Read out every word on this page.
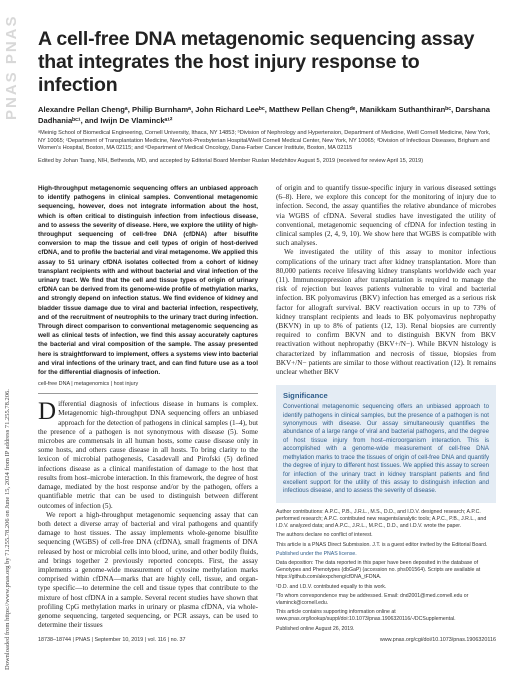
PNAS PNAS
Downloaded from https://www.pnas.org by 71.255.78.206 on June 15, 2024 from IP address 71.255.78.206.
A cell-free DNA metagenomic sequencing assay that integrates the host injury response to infection
Alexandre Pellan Chengᵃ, Philip Burnhamᵃ, John Richard Leeᵇᶜ, Matthew Pellan Chengᵈᵉ, Manikkam Suthanthiranᵇᶜ, Darshana Dadhaniaᵇᶜ¹, and Iwijn De Vlaminckᵃ¹²
ᵃMeinig School of Biomedical Engineering, Cornell University, Ithaca, NY 14853; ᵇDivision of Nephrology and Hypertension, Department of Medicine, Weill Cornell Medicine, New York, NY 10065; ᶜDepartment of Transplantation Medicine, NewYork-Presbyterian Hospital/Weill Cornell Medical Center, New York, NY 10065; ᵈDivision of Infectious Diseases, Brigham and Women's Hospital, Boston, MA 02115; and ᵉDepartment of Medical Oncology, Dana-Farber Cancer Institute, Boston, MA 02115
Edited by Johan Tsang, NIH, Bethesda, MD, and accepted by Editorial Board Member Ruslan Medzhitov August 5, 2019 (received for review April 15, 2019)
High-throughput metagenomic sequencing offers an unbiased approach to identify pathogens in clinical samples. Conventional metagenomic sequencing, however, does not integrate information about the host, which is often critical to distinguish infection from infectious disease, and to assess the severity of disease. Here, we explore the utility of high-throughput sequencing of cell-free DNA (cfDNA) after bisulfite conversion to map the tissue and cell types of origin of host-derived cfDNA, and to profile the bacterial and viral metagenome. We applied this assay to 51 urinary cfDNA isolates collected from a cohort of kidney transplant recipients with and without bacterial and viral infection of the urinary tract. We find that the cell and tissue types of origin of urinary cfDNA can be derived from its genome-wide profile of methylation marks, and strongly depend on infection status. We find evidence of kidney and bladder tissue damage due to viral and bacterial infection, respectively, and of the recruitment of neutrophils to the urinary tract during infection. Through direct comparison to conventional metagenomic sequencing as well as clinical tests of infection, we find this assay accurately captures the bacterial and viral composition of the sample. The assay presented here is straightforward to implement, offers a systems view into bacterial and viral infections of the urinary tract, and can find future use as a tool for the differential diagnosis of infection.
cell-free DNA | metagenomics | host injury

Differential diagnosis of infectious disease in humans is complex. Metagenomic high-throughput DNA sequencing offers an unbiased approach for the detection of pathogens in clinical samples (1–4), but the presence of a pathogen is not synonymous with disease (5). Some microbes are commensals in all human hosts, some cause disease only in some hosts, and others cause disease in all hosts. To bring clarity to the lexicon of microbial pathogenesis, Casadevall and Pirofski (5) defined infections disease as a clinical manifestation of damage to the host that results from host–microbe interaction. In this framework, the degree of host damage, mediated by the host response and/or by the pathogen, offers a quantifiable metric that can be used to distinguish between different outcomes of infection (5).

We report a high-throughput metagenomic sequencing assay that can both detect a diverse array of bacterial and viral pathogens and quantify damage to host tissues. The assay implements whole-genome bisulfite sequencing (WGBS) of cell-free DNA (cfDNA), small fragments of DNA released by host or microbial cells into blood, urine, and other bodily fluids, and brings together 2 previously reported concepts. First, the assay implements a genome-wide measurement of cytosine methylation marks comprised within cfDNA—marks that are highly cell, tissue, and organ-type specific—to determine the cell and tissue types that contribute to the mixture of host cfDNA in a sample. Several recent studies have shown that profiling CpG methylation marks in urinary or plasma cfDNA, via whole-genome sequencing, targeted sequencing, or PCR assays, can be used to determine their tissues

of origin and to quantify tissue-specific injury in various diseased settings (6–8). Here, we explore this concept for the monitoring of injury due to infection. Second, the assay quantifies the relative abundance of microbes via WGBS of cfDNA. Several studies have investigated the utility of conventional, metagenomic sequencing of cfDNA for infection testing in clinical samples (2, 4, 9, 10). We show here that WGBS is compatible with such analyses.

We investigated the utility of this assay to monitor infectious complications of the urinary tract after kidney transplantation. More than 80,000 patients receive lifesaving kidney transplants worldwide each year (11). Immunosuppression after transplantation is required to manage the risk of rejection but leaves patients vulnerable to viral and bacterial infection. BK polyomavirus (BKV) infection has emerged as a serious risk factor for allograft survival. BKV reactivation occurs in up to 73% of kidney transplant recipients and leads to BK polyomavirus nephropathy (BKVN) in up to 8% of patients (12, 13). Renal biopsies are currently required to confirm BKVN and to distinguish BKVN from BKV reactivation without nephropathy (BKV+/N−). While BKVN histology is characterized by inflammation and necrosis of tissue, biopsies from BKV+/N− patients are similar to those without reactivation (12). It remains unclear whether BKV

Significance
Conventional metagenomic sequencing offers an unbiased approach to identify pathogens in clinical samples, but the presence of a pathogen is not synonymous with disease. Our assay simultaneously quantifies the abundance of a large range of viral and bacterial pathogens, and the degree of host tissue injury from host–microorganism interaction. This is accomplished with a genome-wide measurement of cell-free DNA methylation marks to trace the tissues of origin of cell-free DNA and quantify the degree of injury to different host tissues. We applied this assay to screen for infection of the urinary tract in kidney transplant patients and find excellent support for the utility of this assay to distinguish infection and infectious disease, and to assess the severity of disease.

Author contributions: A.P.C., P.B., J.R.L., M.S., D.D., and I.D.V. designed research; A.P.C. performed research; A.P.C. contributed new reagents/analytic tools; A.P.C., P.B., J.R.L., and I.D.V. analyzed data; and A.P.C., J.R.L., M.P.C., D.D., and I.D.V. wrote the paper.

The authors declare no conflict of interest.

This article is a PNAS Direct Submission. J.T. is a guest editor invited by the Editorial Board.

Published under the PNAS license.

Data deposition: The data reported in this paper have been deposited in the database of Genotypes and Phenotypes (dbGaP) (accession no. phs001564). Scripts are available at https://github.com/alexpcheng/cfDNA_tFDNA.

¹D.D. and I.D.V. contributed equally to this work.

²To whom correspondence may be addressed. Email: dnd2001@med.cornell.edu or vlaminck@cornell.edu.

This article contains supporting information online at www.pnas.org/lookup/suppl/doi:10.1073/pnas.1906320116/-/DCSupplemental.

Published online August 26, 2019.

18738–18744 | PNAS | September 10, 2019 | vol. 116 | no. 37	www.pnas.org/cgi/doi/10.1073/pnas.1906320116
